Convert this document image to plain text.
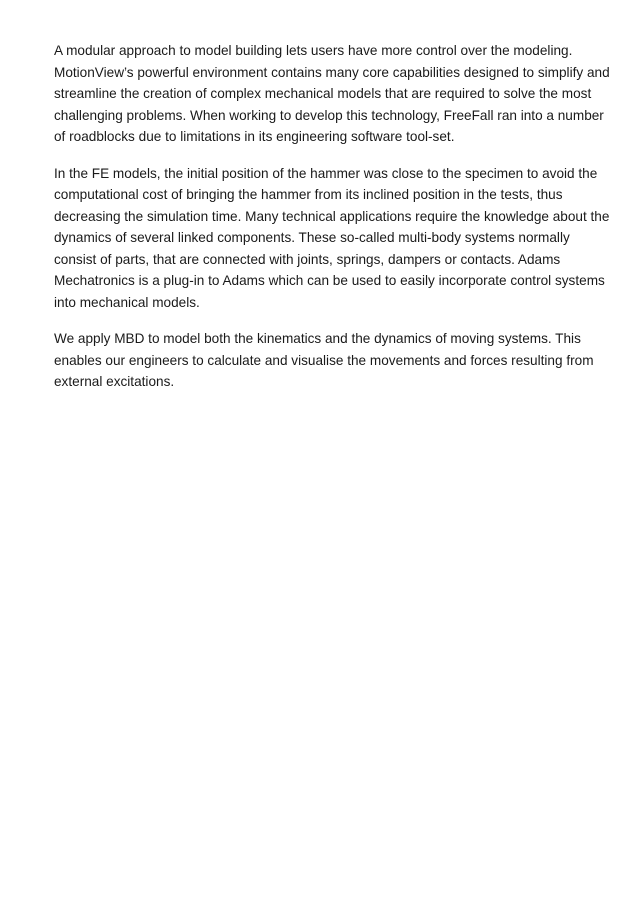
A modular approach to model building lets users have more control over the modeling.
MotionView’s powerful environment contains many core capabilities designed to simplify and
streamline the creation of complex mechanical models that are required to solve the most
challenging problems. When working to develop this technology, FreeFall ran into a number
of roadblocks due to limitations in its engineering software tool-set.

In the FE models, the initial position of the hammer was close to the specimen to avoid the
computational cost of bringing the hammer from its inclined position in the tests, thus
decreasing the simulation time. Many technical applications require the knowledge about the
dynamics of several linked components. These so-called multi-body systems normally
consist of parts, that are connected with joints, springs, dampers or contacts. Adams
Mechatronics is a plug-in to Adams which can be used to easily incorporate control systems
into mechanical models.

We apply MBD to model both the kinematics and the dynamics of moving systems. This
enables our engineers to calculate and visualise the movements and forces resulting from
external excitations.
